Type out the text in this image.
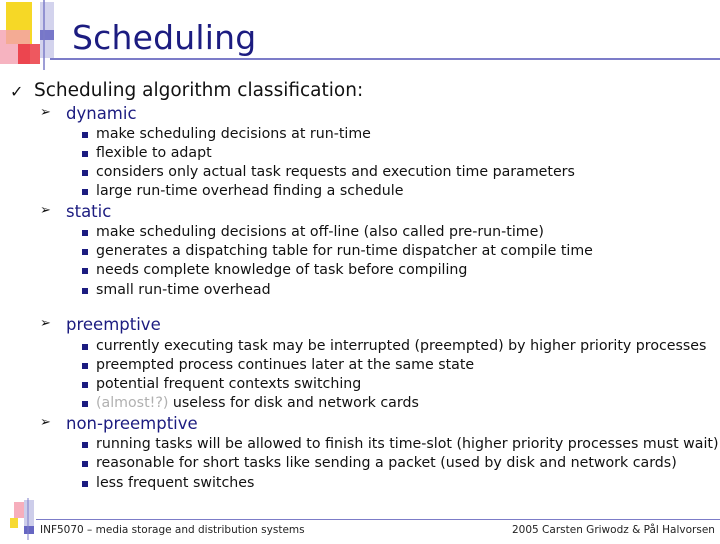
Scheduling
✓ Scheduling algorithm classification:
➢ dynamic
make scheduling decisions at run-time
flexible to adapt
considers only actual task requests and execution time parameters
large run-time overhead finding a schedule
➢ static
make scheduling decisions at off-line (also called pre-run-time)
generates a dispatching table for run-time dispatcher at compile time
needs complete knowledge of task before compiling
small run-time overhead
➢ preemptive
currently executing task may be interrupted (preempted) by higher priority processes
preempted process continues later at the same state
potential frequent contexts switching
(almost!?) useless for disk and network cards
➢ non-preemptive
running tasks will be allowed to finish its time-slot (higher priority processes must wait)
reasonable for short tasks like sending a packet (used by disk and network cards)
less frequent switches
INF5070 – media storage and distribution systems	2005 Carsten Griwodz & Pål Halvorsen
